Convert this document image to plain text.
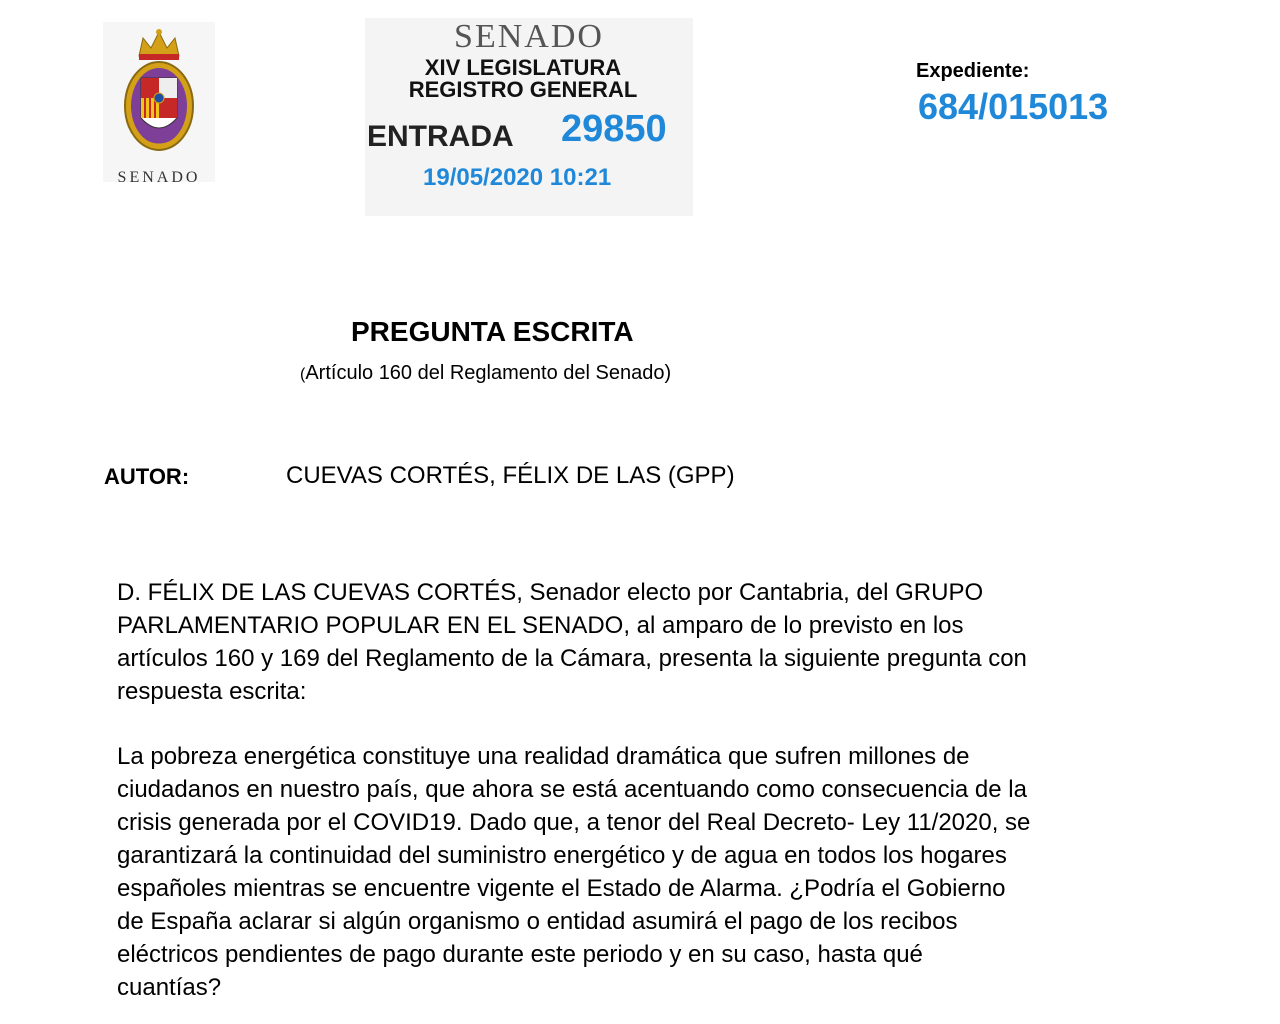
SENADO
SENADO
XIV LEGISLATURA
REGISTRO GENERAL
ENTRADA 29850
19/05/2020 10:21
Expediente:
684/015013
PREGUNTA ESCRITA
(Artículo 160 del Reglamento del Senado)
AUTOR:	CUEVAS CORTÉS, FÉLIX DE LAS (GPP)
D. FÉLIX DE LAS CUEVAS CORTÉS, Senador electo por Cantabria, del GRUPO
PARLAMENTARIO POPULAR EN EL SENADO, al amparo de lo previsto en los
artículos 160 y 169 del Reglamento de la Cámara, presenta la siguiente pregunta con
respuesta escrita:
La pobreza energética constituye una realidad dramática que sufren millones de
ciudadanos en nuestro país, que ahora se está acentuando como consecuencia de la
crisis generada por el COVID19. Dado que, a tenor del Real Decreto- Ley 11/2020, se
garantizará la continuidad del suministro energético y de agua en todos los hogares
españoles mientras se encuentre vigente el Estado de Alarma. ¿Podría el Gobierno
de España aclarar si algún organismo o entidad asumirá el pago de los recibos
eléctricos pendientes de pago durante este periodo y en su caso, hasta qué
cuantías?
